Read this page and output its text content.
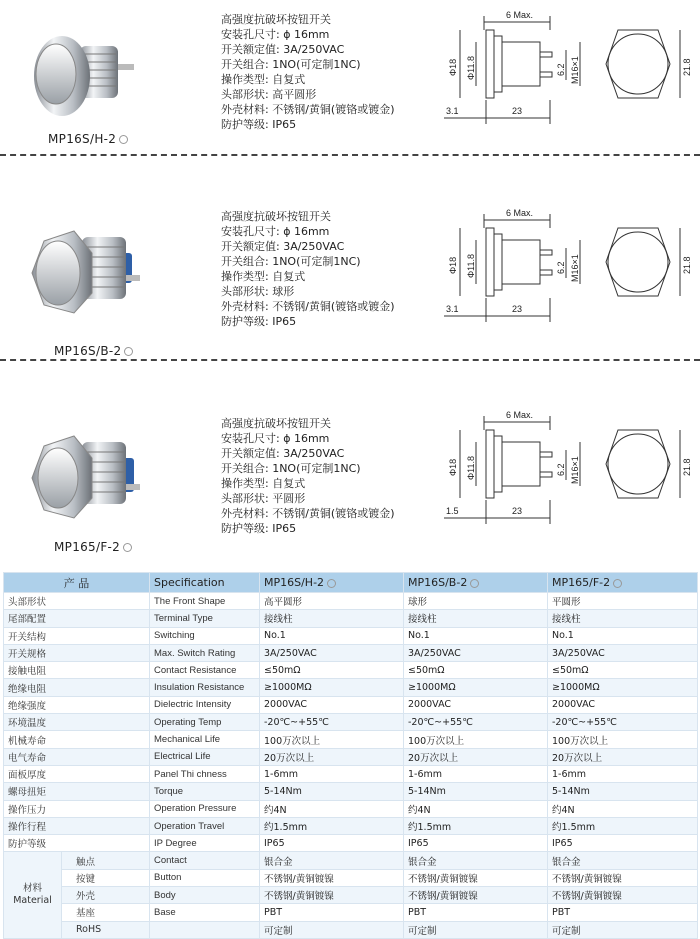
MP16S/H-2
高强度抗破坏按钮开关
安装孔尺寸: ϕ 16mm
开关额定值: 3A/250VAC
开关组合: 1NO(可定制1NC)
操作类型: 自复式
头部形状: 高平圆形
外壳材料: 不锈钢/黄铜(镀铬或镀金)
防护等级: IP65
6 Max.
Φ18 Φ11.8	6.2 M16×1
3.1	23
21.8
MP16S/B-2
高强度抗破坏按钮开关
安装孔尺寸: ϕ 16mm
开关额定值: 3A/250VAC
开关组合: 1NO(可定制1NC)
操作类型: 自复式
头部形状: 球形
外壳材料: 不锈钢/黄铜(镀铬或镀金)
防护等级: IP65
6 Max.
Φ18 Φ11.8	6.2 M16×1
3.1	23
21.8
MP165/F-2
高强度抗破坏按钮开关
安装孔尺寸: ϕ 16mm
开关额定值: 3A/250VAC
开关组合: 1NO(可定制1NC)
操作类型: 自复式
头部形状: 平圆形
外壳材料: 不锈钢/黄铜(镀铬或镀金)
防护等级: IP65
6 Max.
Φ18 Φ11.8	6.2 M16×1
1.5	23
21.8
产 品		Specification	MP16S/H-2	MP16S/B-2	MP165/F-2
头部形状		The Front Shape	高平圆形	球形	平圆形
尾部配置		Terminal Type	接线柱	接线柱	接线柱
开关结构		Switching	No.1	No.1	No.1
开关规格		Max. Switch Rating	3A/250VAC	3A/250VAC	3A/250VAC
接触电阻		Contact Resistance	≤50mΩ	≤50mΩ	≤50mΩ
绝缘电阻		Insulation Resistance	≥1000MΩ	≥1000MΩ	≥1000MΩ
绝缘强度		Dielectric Intensity	2000VAC	2000VAC	2000VAC
环境温度		Operating Temp	-20℃~+55℃	-20℃~+55℃	-20℃~+55℃
机械寿命		Mechanical Life	100万次以上	100万次以上	100万次以上
电气寿命		Electrical Life	20万次以上	20万次以上	20万次以上
面板厚度		Panel Thi chness	1-6mm	1-6mm	1-6mm
螺母扭矩		Torque	5-14Nm	5-14Nm	5-14Nm
操作压力		Operation Pressure	约4N	约4N	约4N
操作行程		Operation Travel	约1.5mm	约1.5mm	约1.5mm
防护等级		IP Degree	IP65	IP65	IP65

材料
Material	触点	Contact	银合金	银合金	银合金
	按键	Button	不锈钢/黄铜镀镍	不锈钢/黄铜镀镍	不锈钢/黄铜镀镍
	外壳	Body	不锈钢/黄铜镀镍	不锈钢/黄铜镀镍	不锈钢/黄铜镀镍
	基座	Base	PBT	PBT	PBT
	RoHS		可定制	可定制	可定制
